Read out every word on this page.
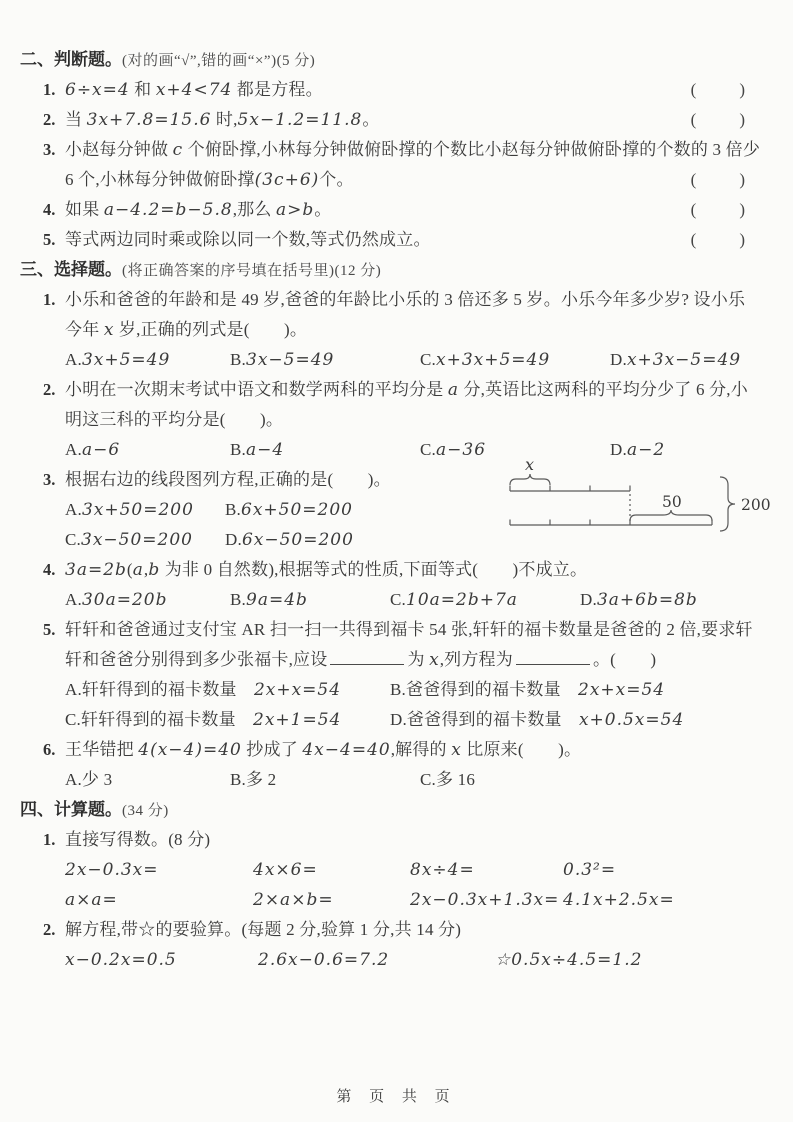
二、判断题。(对的画“√”,错的画“×”)(5 分)
1. 6÷x=4 和 x+4<74 都是方程。	(　　)
2. 当 3x+7.8=15.6 时,5x−1.2=11.8。	(　　)
3. 小赵每分钟做 c 个俯卧撑,小林每分钟做俯卧撑的个数比小赵每分钟做俯卧撑的个数的 3 倍少
6 个,小林每分钟做俯卧撑(3c+6)个。	(　　)
4. 如果 a−4.2=b−5.8,那么 a>b。	(　　)
5. 等式两边同时乘或除以同一个数,等式仍然成立。	(　　)
三、选择题。(将正确答案的序号填在括号里)(12 分)
1. 小乐和爸爸的年龄和是 49 岁,爸爸的年龄比小乐的 3 倍还多 5 岁。小乐今年多少岁? 设小乐
今年 x 岁,正确的列式是(　　)。
A.3x+5=49	B.3x−5=49	C.x+3x+5=49	D.x+3x−5=49
2. 小明在一次期末考试中语文和数学两科的平均分是 a 分,英语比这两科的平均分少了 6 分,小
明这三科的平均分是(　　)。
A.a−6	B.a−4	C.a−36	D.a−2
3. 根据右边的线段图列方程,正确的是(　　)。
A.3x+50=200 B.6x+50=200
C.3x−50=200 D.6x−50=200
4. 3a=2b(a,b 为非 0 自然数),根据等式的性质,下面等式(　　)不成立。
A.30a=20b	B.9a=4b	C.10a=2b+7a	D.3a+6b=8b
5. 轩轩和爸爸通过支付宝 AR 扫一扫一共得到福卡 54 张,轩轩的福卡数量是爸爸的 2 倍,要求轩
轩和爸爸分别得到多少张福卡,应设	为 x,列方程为	。(　　)
A.轩轩得到的福卡数量　2x+x=54	B.爸爸得到的福卡数量　2x+x=54
C.轩轩得到的福卡数量　2x+1=54	D.爸爸得到的福卡数量　x+0.5x=54
6. 王华错把 4(x−4)=40 抄成了 4x−4=40,解得的 x 比原来(　　)。
A.少 3	B.多 2	C.多 16
四、计算题。(34 分)
1. 直接写得数。(8 分)
2x−0.3x=	4x×6=	8x÷4=	0.3²=
a×a=	2×a×b=	2x−0.3x+1.3x= 4.1x+2.5x=
2. 解方程,带☆的要验算。(每题 2 分,验算 1 分,共 14 分)
x−0.2x=0.5	2.6x−0.6=7.2	☆0.5x÷4.5=1.2
x
50	200
第 页 共 页
